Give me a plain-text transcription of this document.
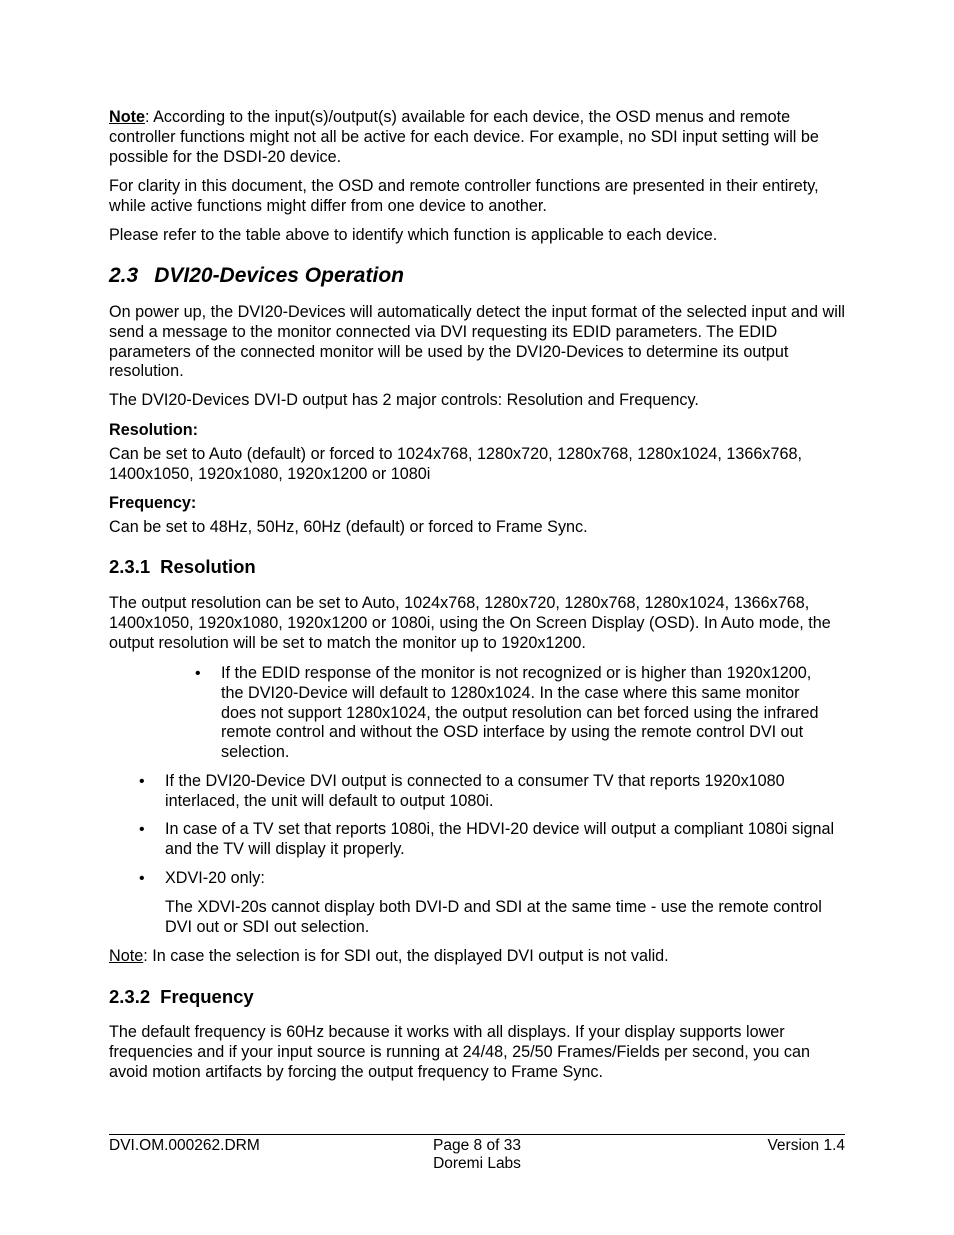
Note: According to the input(s)/output(s) available for each device, the OSD menus and remote controller functions might not all be active for each device. For example, no SDI input setting will be possible for the DSDI-20 device.

For clarity in this document, the OSD and remote controller functions are presented in their entirety, while active functions might differ from one device to another.

Please refer to the table above to identify which function is applicable to each device.

2.3 DVI20-Devices Operation

On power up, the DVI20-Devices will automatically detect the input format of the selected input and will send a message to the monitor connected via DVI requesting its EDID parameters. The EDID parameters of the connected monitor will be used by the DVI20-Devices to determine its output resolution.

The DVI20-Devices DVI-D output has 2 major controls: Resolution and Frequency.

Resolution:

Can be set to Auto (default) or forced to 1024x768, 1280x720, 1280x768, 1280x1024, 1366x768, 1400x1050, 1920x1080, 1920x1200 or 1080i

Frequency:

Can be set to 48Hz, 50Hz, 60Hz (default) or forced to Frame Sync.

2.3.1 Resolution

The output resolution can be set to Auto, 1024x768, 1280x720, 1280x768, 1280x1024, 1366x768, 1400x1050, 1920x1080, 1920x1200 or 1080i, using the On Screen Display (OSD). In Auto mode, the output resolution will be set to match the monitor up to 1920x1200.

• If the EDID response of the monitor is not recognized or is higher than 1920x1200, the DVI20-Device will default to 1280x1024. In the case where this same monitor does not support 1280x1024, the output resolution can bet forced using the infrared remote control and without the OSD interface by using the remote control DVI out selection.

• If the DVI20-Device DVI output is connected to a consumer TV that reports 1920x1080 interlaced, the unit will default to output 1080i.

• In case of a TV set that reports 1080i, the HDVI-20 device will output a compliant 1080i signal and the TV will display it properly.

• XDVI-20 only:

The XDVI-20s cannot display both DVI-D and SDI at the same time - use the remote control DVI out or SDI out selection.

Note: In case the selection is for SDI out, the displayed DVI output is not valid.

2.3.2 Frequency

The default frequency is 60Hz because it works with all displays. If your display supports lower frequencies and if your input source is running at 24/48, 25/50 Frames/Fields per second, you can avoid motion artifacts by forcing the output frequency to Frame Sync.

DVI.OM.000262.DRM	Page 8 of 33
Doremi Labs
Version 1.4
